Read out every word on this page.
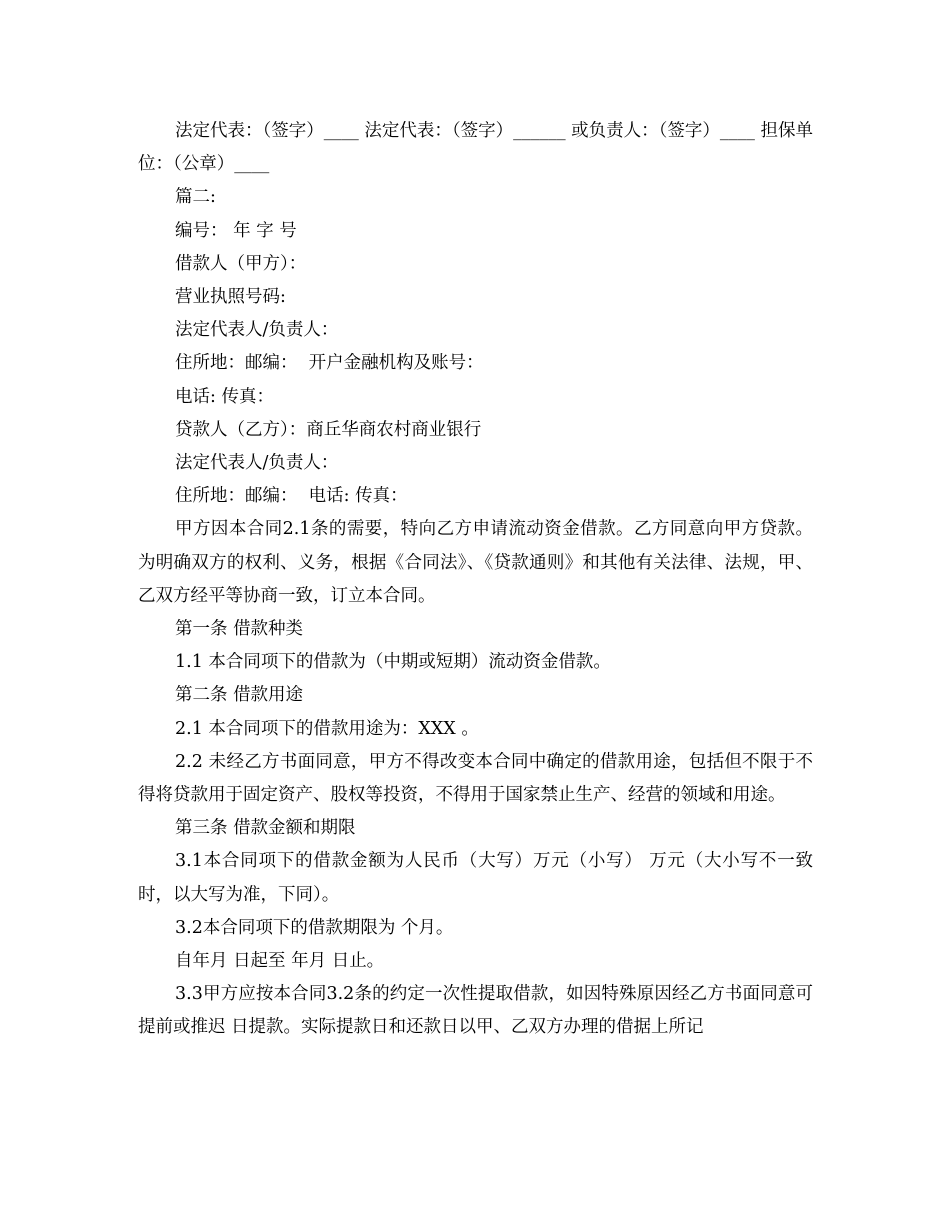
法定代表：（签字）____ 法定代表：（签字）______ 或负责人：（签字）____ 担保单位：（公章）____

篇二:

编号： 年 字 号

借款人（甲方）：

营业执照号码:

法定代表人/负责人：

住所地：邮编：  开户金融机构及账号：

电话: 传真：

贷款人（乙方）：商丘华商农村商业银行

法定代表人/负责人：

住所地：邮编：  电话: 传真：

甲方因本合同2.1条的需要，特向乙方申请流动资金借款。乙方同意向甲方贷款。为明确双方的权利、义务，根据《合同法》、《贷款通则》和其他有关法律、法规，甲、乙双方经平等协商一致，订立本合同。

第一条 借款种类

1.1 本合同项下的借款为（中期或短期）流动资金借款。

第二条 借款用途

2.1 本合同项下的借款用途为：XXX 。

2.2 未经乙方书面同意，甲方不得改变本合同中确定的借款用途，包括但不限于不得将贷款用于固定资产、股权等投资，不得用于国家禁止生产、经营的领域和用途。

第三条 借款金额和期限

3.1本合同项下的借款金额为人民币（大写）万元（小写） 万元（大小写不一致时，以大写为准，下同）。

3.2本合同项下的借款期限为 个月。

自年月 日起至 年月 日止。

3.3甲方应按本合同3.2条的约定一次性提取借款，如因特殊原因经乙方书面同意可提前或推迟 日提款。实际提款日和还款日以甲、乙双方办理的借据上所记
